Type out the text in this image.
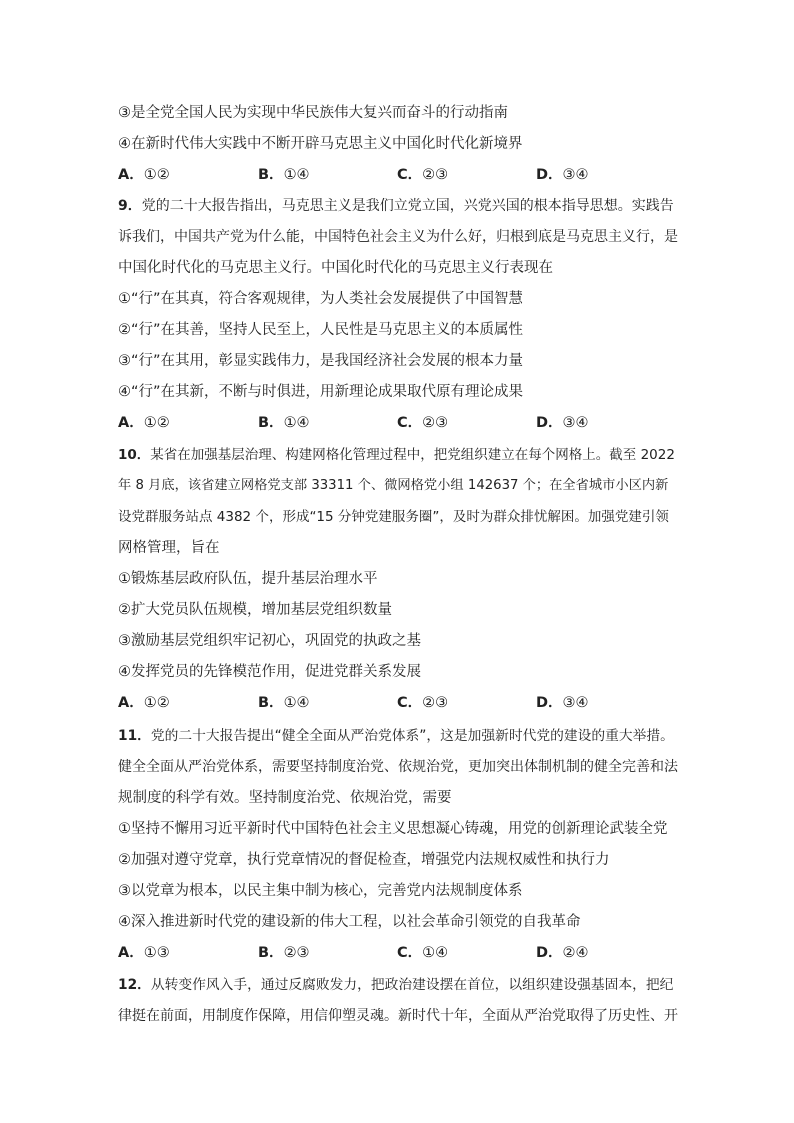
③是全党全国人民为实现中华民族伟大复兴而奋斗的行动指南
④在新时代伟大实践中不断开辟马克思主义中国化时代化新境界
A．①②	B．①④	C．②③	D．③④
9．党的二十大报告指出，马克思主义是我们立党立国，兴党兴国的根本指导思想。实践告
诉我们，中国共产党为什么能，中国特色社会主义为什么好，归根到底是马克思主义行，是
中国化时代化的马克思主义行。中国化时代化的马克思主义行表现在
①“行”在其真，符合客观规律，为人类社会发展提供了中国智慧
②“行”在其善，坚持人民至上，人民性是马克思主义的本质属性
③“行”在其用，彰显实践伟力，是我国经济社会发展的根本力量
④“行”在其新，不断与时俱进，用新理论成果取代原有理论成果
A．①②	B．①④	C．②③	D．③④
10．某省在加强基层治理、构建网格化管理过程中，把党组织建立在每个网格上。截至 2022
年 8 月底，该省建立网格党支部 33311 个、微网格党小组 142637 个；在全省城市小区内新
设党群服务站点 4382 个，形成“15 分钟党建服务圈”，及时为群众排忧解困。加强党建引领
网格管理，旨在
①锻炼基层政府队伍，提升基层治理水平
②扩大党员队伍规模，增加基层党组织数量
③激励基层党组织牢记初心，巩固党的执政之基
④发挥党员的先锋模范作用，促进党群关系发展
A．①②	B．①④	C．②③	D．③④
11．党的二十大报告提出“健全全面从严治党体系”，这是加强新时代党的建设的重大举措。
健全全面从严治党体系，需要坚持制度治党、依规治党，更加突出体制机制的健全完善和法
规制度的科学有效。坚持制度治党、依规治党，需要
①坚持不懈用习近平新时代中国特色社会主义思想凝心铸魂，用党的创新理论武装全党
②加强对遵守党章，执行党章情况的督促检查，增强党内法规权威性和执行力
③以党章为根本，以民主集中制为核心，完善党内法规制度体系
④深入推进新时代党的建设新的伟大工程，以社会革命引领党的自我革命
A．①③	B．②③	C．①④	D．②④
12．从转变作风入手，通过反腐败发力，把政治建设摆在首位，以组织建设强基固本，把纪
律挺在前面，用制度作保障，用信仰塑灵魂。新时代十年，全面从严治党取得了历史性、开
